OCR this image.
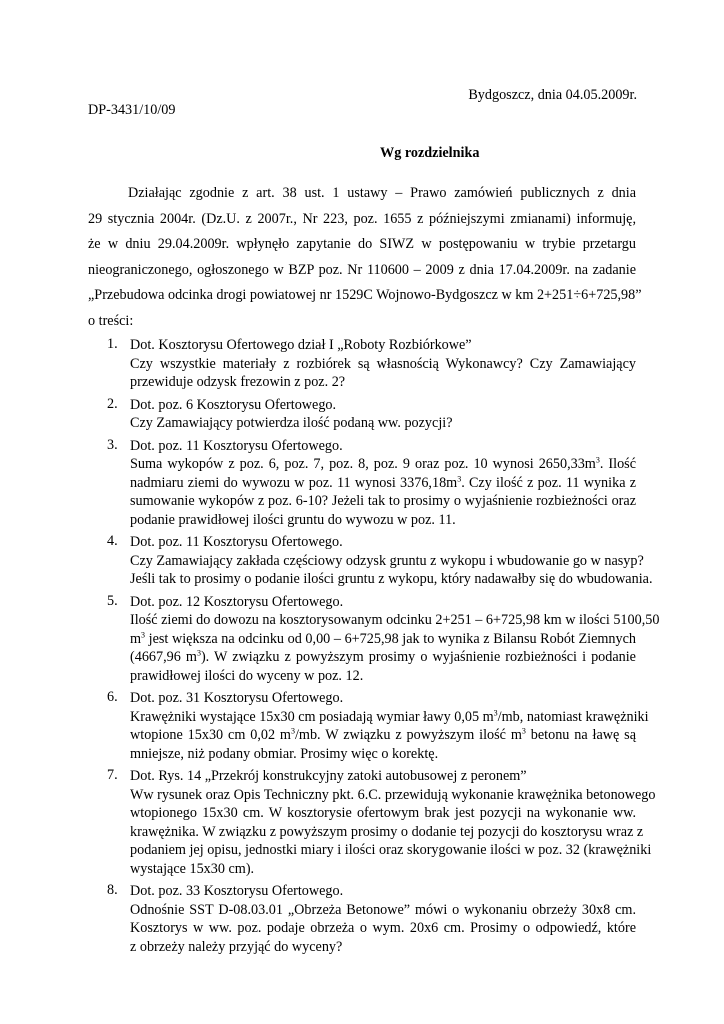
Bydgoszcz, dnia 04.05.2009r.
DP-3431/10/09
Wg rozdzielnika
Działając zgodnie z art. 38 ust. 1 ustawy – Prawo zamówień publicznych z dnia
29 stycznia 2004r. (Dz.U. z 2007r., Nr 223, poz. 1655 z późniejszymi zmianami) informuję,
że w dniu 29.04.2009r. wpłynęło zapytanie do SIWZ w postępowaniu w trybie przetargu
nieograniczonego, ogłoszonego w BZP poz. Nr 110600 – 2009 z dnia 17.04.2009r. na zadanie
„Przebudowa odcinka drogi powiatowej nr 1529C Wojnowo-Bydgoszcz w km 2+251÷6+725,98”
o treści:
1. Dot. Kosztorysu Ofertowego dział I „Roboty Rozbiórkowe”
Czy wszystkie materiały z rozbiórek są własnością Wykonawcy? Czy Zamawiający
przewiduje odzysk frezowin z poz. 2?
2. Dot. poz. 6 Kosztorysu Ofertowego.
Czy Zamawiający potwierdza ilość podaną ww. pozycji?
3. Dot. poz. 11 Kosztorysu Ofertowego.
Suma wykopów z poz. 6, poz. 7, poz. 8, poz. 9 oraz poz. 10 wynosi $2650,33m^3$. Ilość
nadmiaru ziemi do wywozu w poz. 11 wynosi $3376,18m^3$. Czy ilość z poz. 11 wynika z
sumowanie wykopów z poz. 6-10? Jeżeli tak to prosimy o wyjaśnienie rozbieżności oraz
podanie prawidłowej ilości gruntu do wywozu w poz. 11.
4. Dot. poz. 11 Kosztorysu Ofertowego.
Czy Zamawiający zakłada częściowy odzysk gruntu z wykopu i wbudowanie go w nasyp?
Jeśli tak to prosimy o podanie ilości gruntu z wykopu, który nadawałby się do wbudowania.
5. Dot. poz. 12 Kosztorysu Ofertowego.
Ilość ziemi do dowozu na kosztorysowanym odcinku 2+251 – 6+725,98 km w ilości 5100,50
$m^3$ jest większa na odcinku od 0,00 – 6+725,98 jak to wynika z Bilansu Robót Ziemnych
(4667,96 $m^3$). W związku z powyższym prosimy o wyjaśnienie rozbieżności i podanie
prawidłowej ilości do wyceny w poz. 12.
6. Dot. poz. 31 Kosztorysu Ofertowego.
Krawężniki wystające 15x30 cm posiadają wymiar ławy 0,05 $m^3/mb$, natomiast krawężniki
wtopione 15x30 cm 0,02 $m^3/mb$. W związku z powyższym ilość $m^3$ betonu na ławę są
mniejsze, niż podany obmiar. Prosimy więc o korektę.
7. Dot. Rys. 14 „Przekrój konstrukcyjny zatoki autobusowej z peronem”
Ww rysunek oraz Opis Techniczny pkt. 6.C. przewidują wykonanie krawężnika betonowego
wtopionego 15x30 cm. W kosztorysie ofertowym brak jest pozycji na wykonanie ww.
krawężnika. W związku z powyższym prosimy o dodanie tej pozycji do kosztorysu wraz z
podaniem jej opisu, jednostki miary i ilości oraz skorygowanie ilości w poz. 32 (krawężniki
wystające 15x30 cm).
8. Dot. poz. 33 Kosztorysu Ofertowego.
Odnośnie SST D-08.03.01 „Obrzeża Betonowe” mówi o wykonaniu obrzeży 30x8 cm.
Kosztorys w ww. poz. podaje obrzeża o wym. 20x6 cm. Prosimy o odpowiedź, które
z obrzeży należy przyjąć do wyceny?
